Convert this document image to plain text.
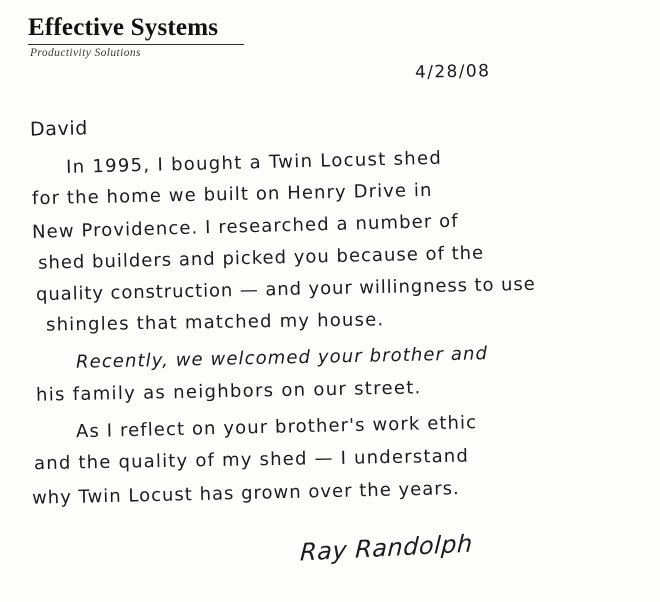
Effective Systems
Productivity Solutions
4/28/08
David
In 1995, I bought a Twin Locust shed
for the home we built on Henry Drive in
New Providence. I researched a number of
shed builders and picked you because of the
quality construction — and your willingness to use
shingles that matched my house.
Recently, we welcomed your brother and
his family as neighbors on our street.
As I reflect on your brother's work ethic
and the quality of my shed — I understand
why Twin Locust has grown over the years.
Ray Randolph
